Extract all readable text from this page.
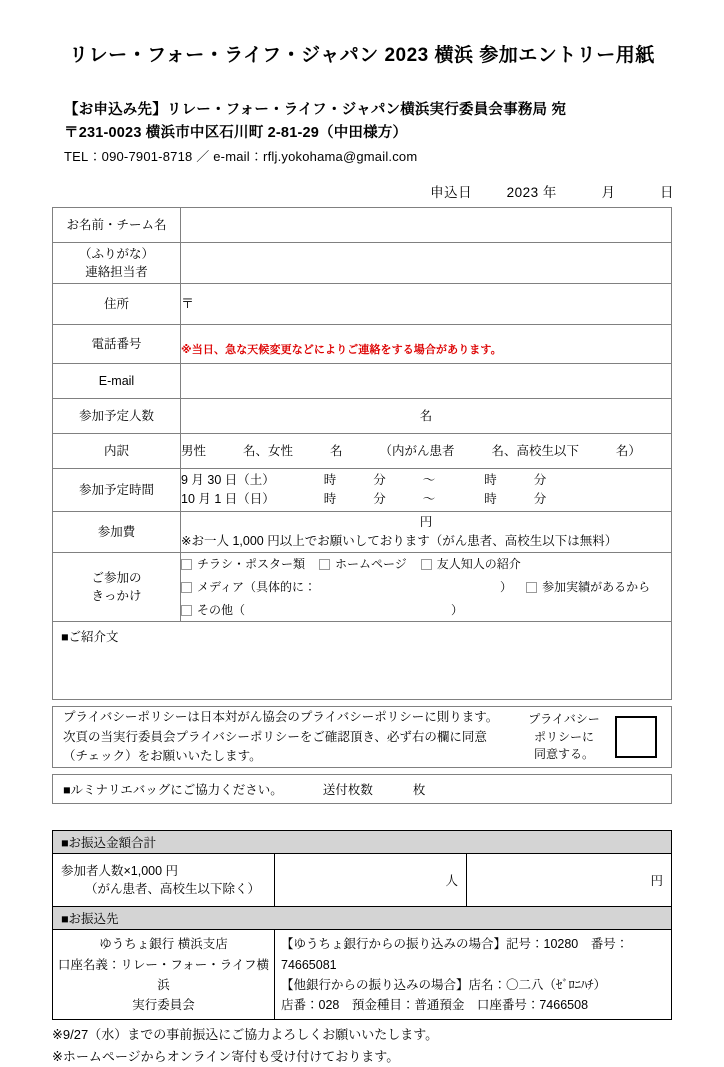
リレー・フォー・ライフ・ジャパン 2023 横浜 参加エントリー用紙
【お申込み先】リレー・フォー・ライフ・ジャパン横浜実行委員会事務局 宛
〒231-0023 横浜市中区石川町 2-81-29（中田様方）
TEL：090-7901-8718 ／ e-mail：rflj.yokohama@gmail.com
申込日	2023 年	月	日
お名前・チーム名	

（ふりがな）
連絡担当者	

住所	〒
電話番号	※当日、急な天候変更などによりご連絡をする場合があります。

E-mail	
参加予定人数	名
内訳	男性 名、女性 名 （内がん患者 名、高校生以下 名）
参加予定時間	9 月 30 日（土） 時 分 ～ 時 分
10 月 1 日（日） 時 分 ～ 時 分

参加費	円
※お一人 1,000 円以上でお願いしております（がん患者、高校生以下は無料）

ご参加の
きっかけ

チラシ・ポスター類	ホームページ	友人知人の紹介
メディア（具体的に：	）	参加実績があるから
その他（	）
■ご紹介文
プライバシーポリシーは日本対がん協会のプライバシーポリシーに則ります。
次頁の当実行委員会プライバシーポリシーをご確認頂き、必ず右の欄に同意
（チェック）をお願いいたします。
プライバシー
ポリシーに
同意する。
■ルミナリエバッグにご協力ください。	送付枚数	枚
■お振込金額合計		
参加者人数×1,000 円
（がん患者、高校生以下除く）	人	円
■お振込先		

ゆうちょ銀行 横浜支店
口座名義：リレー・フォー・ライフ横浜
実行委員会

【ゆうちょ銀行からの振り込みの場合】記号：10280　番号：74665081
【他銀行からの振り込みの場合】店名：〇二八（ｾﾞﾛﾆﾊﾁ）
店番：028　預金種目：普通預金　口座番号：7466508
※9/27（水）までの事前振込にご協力よろしくお願いいたします。
※ホームページからオンライン寄付も受け付けております。
